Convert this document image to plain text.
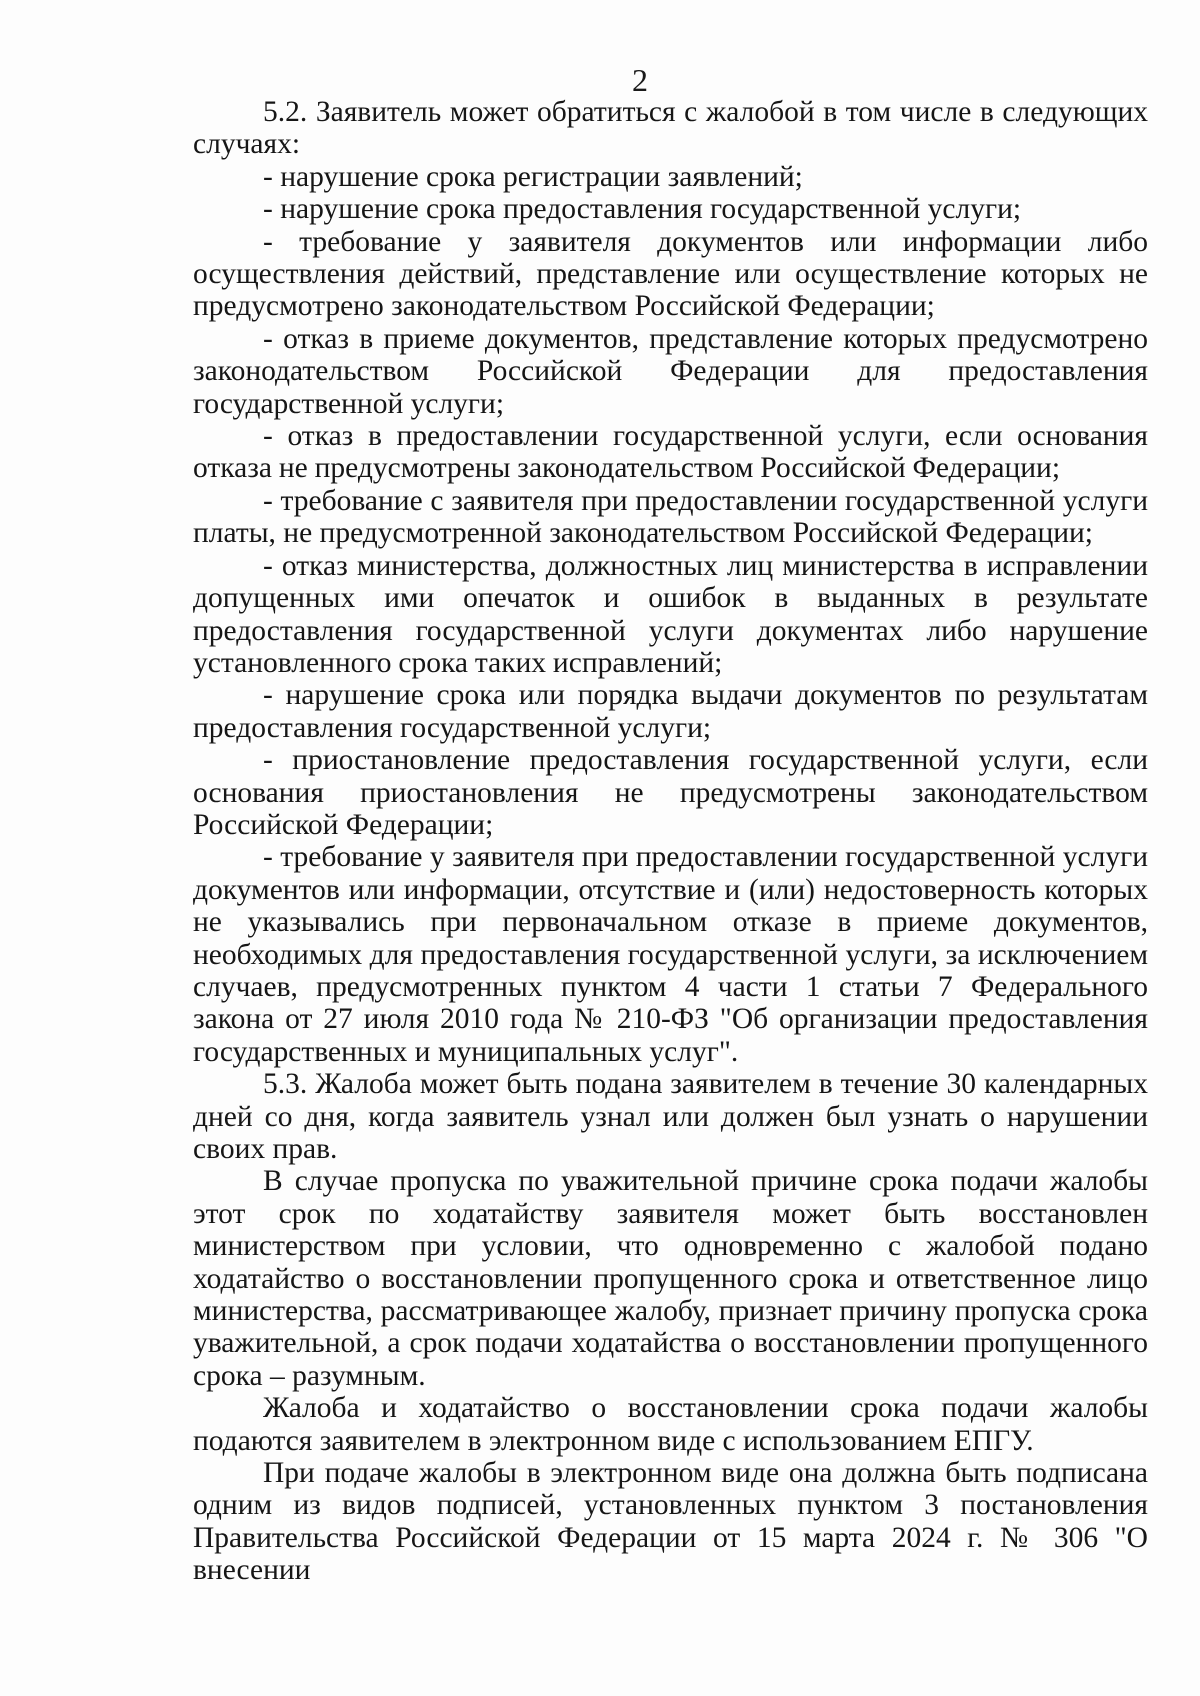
2

5.2. Заявитель может обратиться с жалобой в том числе в следующих случаях:

- нарушение срока регистрации заявлений;

- нарушение срока предоставления государственной услуги;

- требование у заявителя документов или информации либо осуществления действий, представление или осуществление которых не предусмотрено законодательством Российской Федерации;

- отказ в приеме документов, представление которых предусмотрено законодательством Российской Федерации для предоставления государственной услуги;

- отказ в предоставлении государственной услуги, если основания отказа не предусмотрены законодательством Российской Федерации;

- требование с заявителя при предоставлении государственной услуги платы, не предусмотренной законодательством Российской Федерации;

- отказ министерства, должностных лиц министерства в исправлении допущенных ими опечаток и ошибок в выданных в результате предоставления государственной услуги документах либо нарушение установленного срока таких исправлений;

- нарушение срока или порядка выдачи документов по результатам предоставления государственной услуги;

- приостановление предоставления государственной услуги, если основания приостановления не предусмотрены законодательством Российской Федерации;

- требование у заявителя при предоставлении государственной услуги документов или информации, отсутствие и (или) недостоверность которых не указывались при первоначальном отказе в приеме документов, необходимых для предоставления государственной услуги, за исключением случаев, предусмотренных пунктом 4 части 1 статьи 7 Федерального закона от 27 июля 2010 года № 210-ФЗ "Об организации предоставления государственных и муниципальных услуг".

5.3. Жалоба может быть подана заявителем в течение 30 календарных дней со дня, когда заявитель узнал или должен был узнать о нарушении своих прав.

В случае пропуска по уважительной причине срока подачи жалобы этот срок по ходатайству заявителя может быть восстановлен министерством при условии, что одновременно с жалобой подано ходатайство о восстановлении пропущенного срока и ответственное лицо министерства, рассматривающее жалобу, признает причину пропуска срока уважительной, а срок подачи ходатайства о восстановлении пропущенного срока – разумным.

Жалоба и ходатайство о восстановлении срока подачи жалобы подаются заявителем в электронном виде с использованием ЕПГУ.

При подаче жалобы в электронном виде она должна быть подписана одним из видов подписей, установленных пунктом 3 постановления Правительства Российской Федерации от 15 марта 2024 г. № 306 "О внесении
